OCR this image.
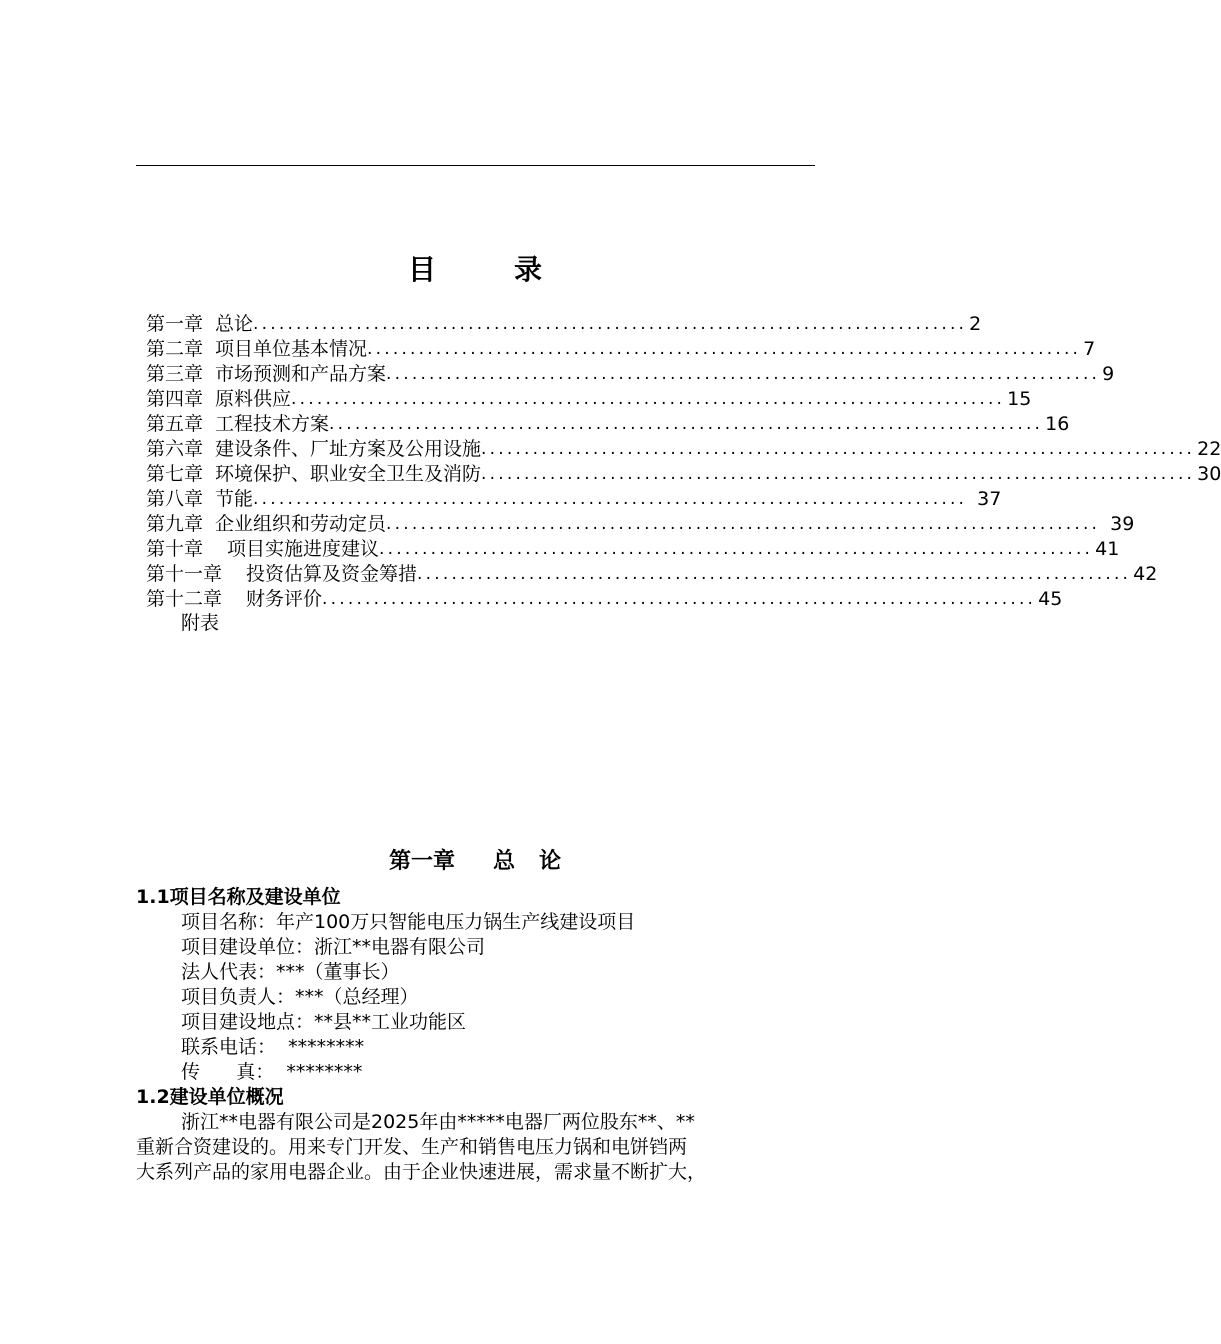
目	录
第一章 总论 ................................................................................... 2
第二章 项目单位基本情况 ................................................................................... 7
第三章 市场预测和产品方案 ................................................................................... 9
第四章 原料供应 ................................................................................... 15
第五章 工程技术方案 ................................................................................... 16
第六章 建设条件、厂址方案及公用设施 ................................................................................... 22
第七章 环境保护、职业安全卫生及消防 ................................................................................... 30
第八章 节能 ................................................................................... 37
第九章 企业组织和劳动定员 ................................................................................... 39
第十章 项目实施进度建议 ................................................................................... 41
第十一章 投资估算及资金筹措 ................................................................................... 42
第十二章 财务评价 ................................................................................... 45
附表
第一章 总 论
1.1项目名称及建设单位
项目名称：年产100万只智能电压力锅生产线建设项目
项目建设单位：浙江**电器有限公司
法人代表：***（董事长）
项目负责人：***（总经理）
项目建设地点：**县**工业功能区
联系电话：  ********
传      真：  ********
1.2建设单位概况
浙江**电器有限公司是2025年由*****电器厂两位股东**、**
重新合资建设的。用来专门开发、生产和销售电压力锅和电饼铛两
大系列产品的家用电器企业。由于企业快速进展，需求量不断扩大，
